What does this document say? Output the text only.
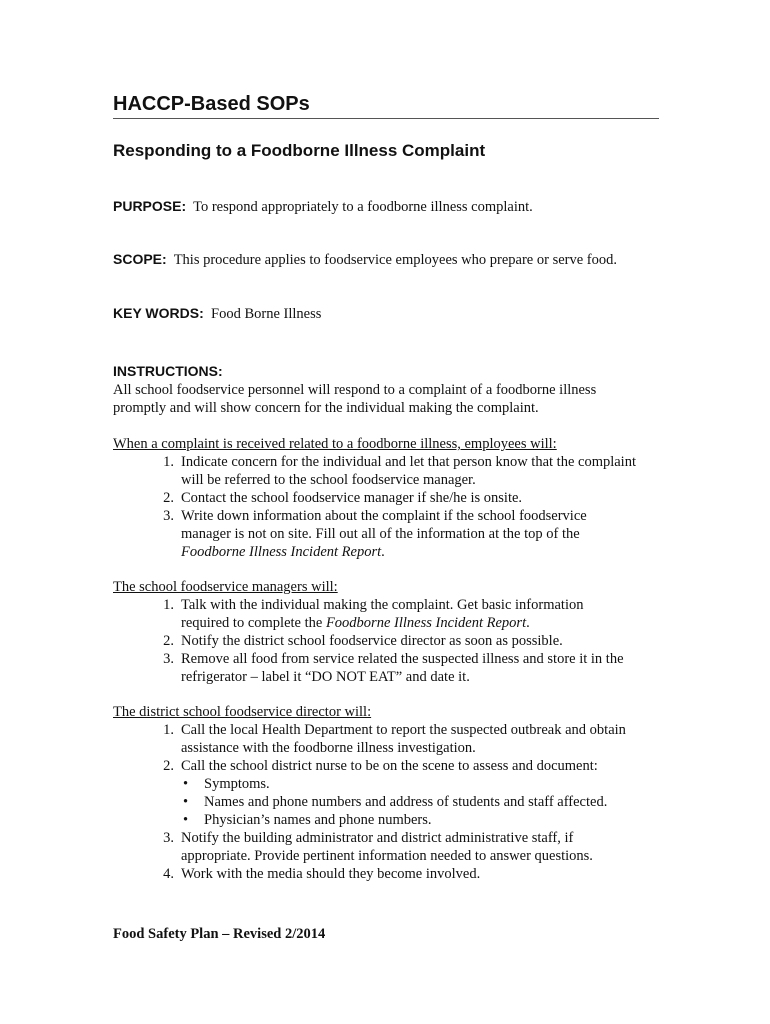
HACCP-Based SOPs
Responding to a Foodborne Illness Complaint
PURPOSE: To respond appropriately to a foodborne illness complaint.
SCOPE: This procedure applies to foodservice employees who prepare or serve food.
KEY WORDS: Food Borne Illness
INSTRUCTIONS:
All school foodservice personnel will respond to a complaint of a foodborne illness
promptly and will show concern for the individual making the complaint.
When a complaint is received related to a foodborne illness, employees will:
1. Indicate concern for the individual and let that person know that the complaint
will be referred to the school foodservice manager.
2. Contact the school foodservice manager if she/he is onsite.
3. Write down information about the complaint if the school foodservice
manager is not on site. Fill out all of the information at the top of the
Foodborne Illness Incident Report.
The school foodservice managers will:
1. Talk with the individual making the complaint. Get basic information
required to complete the Foodborne Illness Incident Report.
2. Notify the district school foodservice director as soon as possible.
3. Remove all food from service related the suspected illness and store it in the
refrigerator – label it “DO NOT EAT” and date it.
The district school foodservice director will:
1. Call the local Health Department to report the suspected outbreak and obtain
assistance with the foodborne illness investigation.
2. Call the school district nurse to be on the scene to assess and document:
• Symptoms.
• Names and phone numbers and address of students and staff affected.
• Physician’s names and phone numbers.
3. Notify the building administrator and district administrative staff, if
appropriate. Provide pertinent information needed to answer questions.
4. Work with the media should they become involved.
Food Safety Plan – Revised 2/2014
